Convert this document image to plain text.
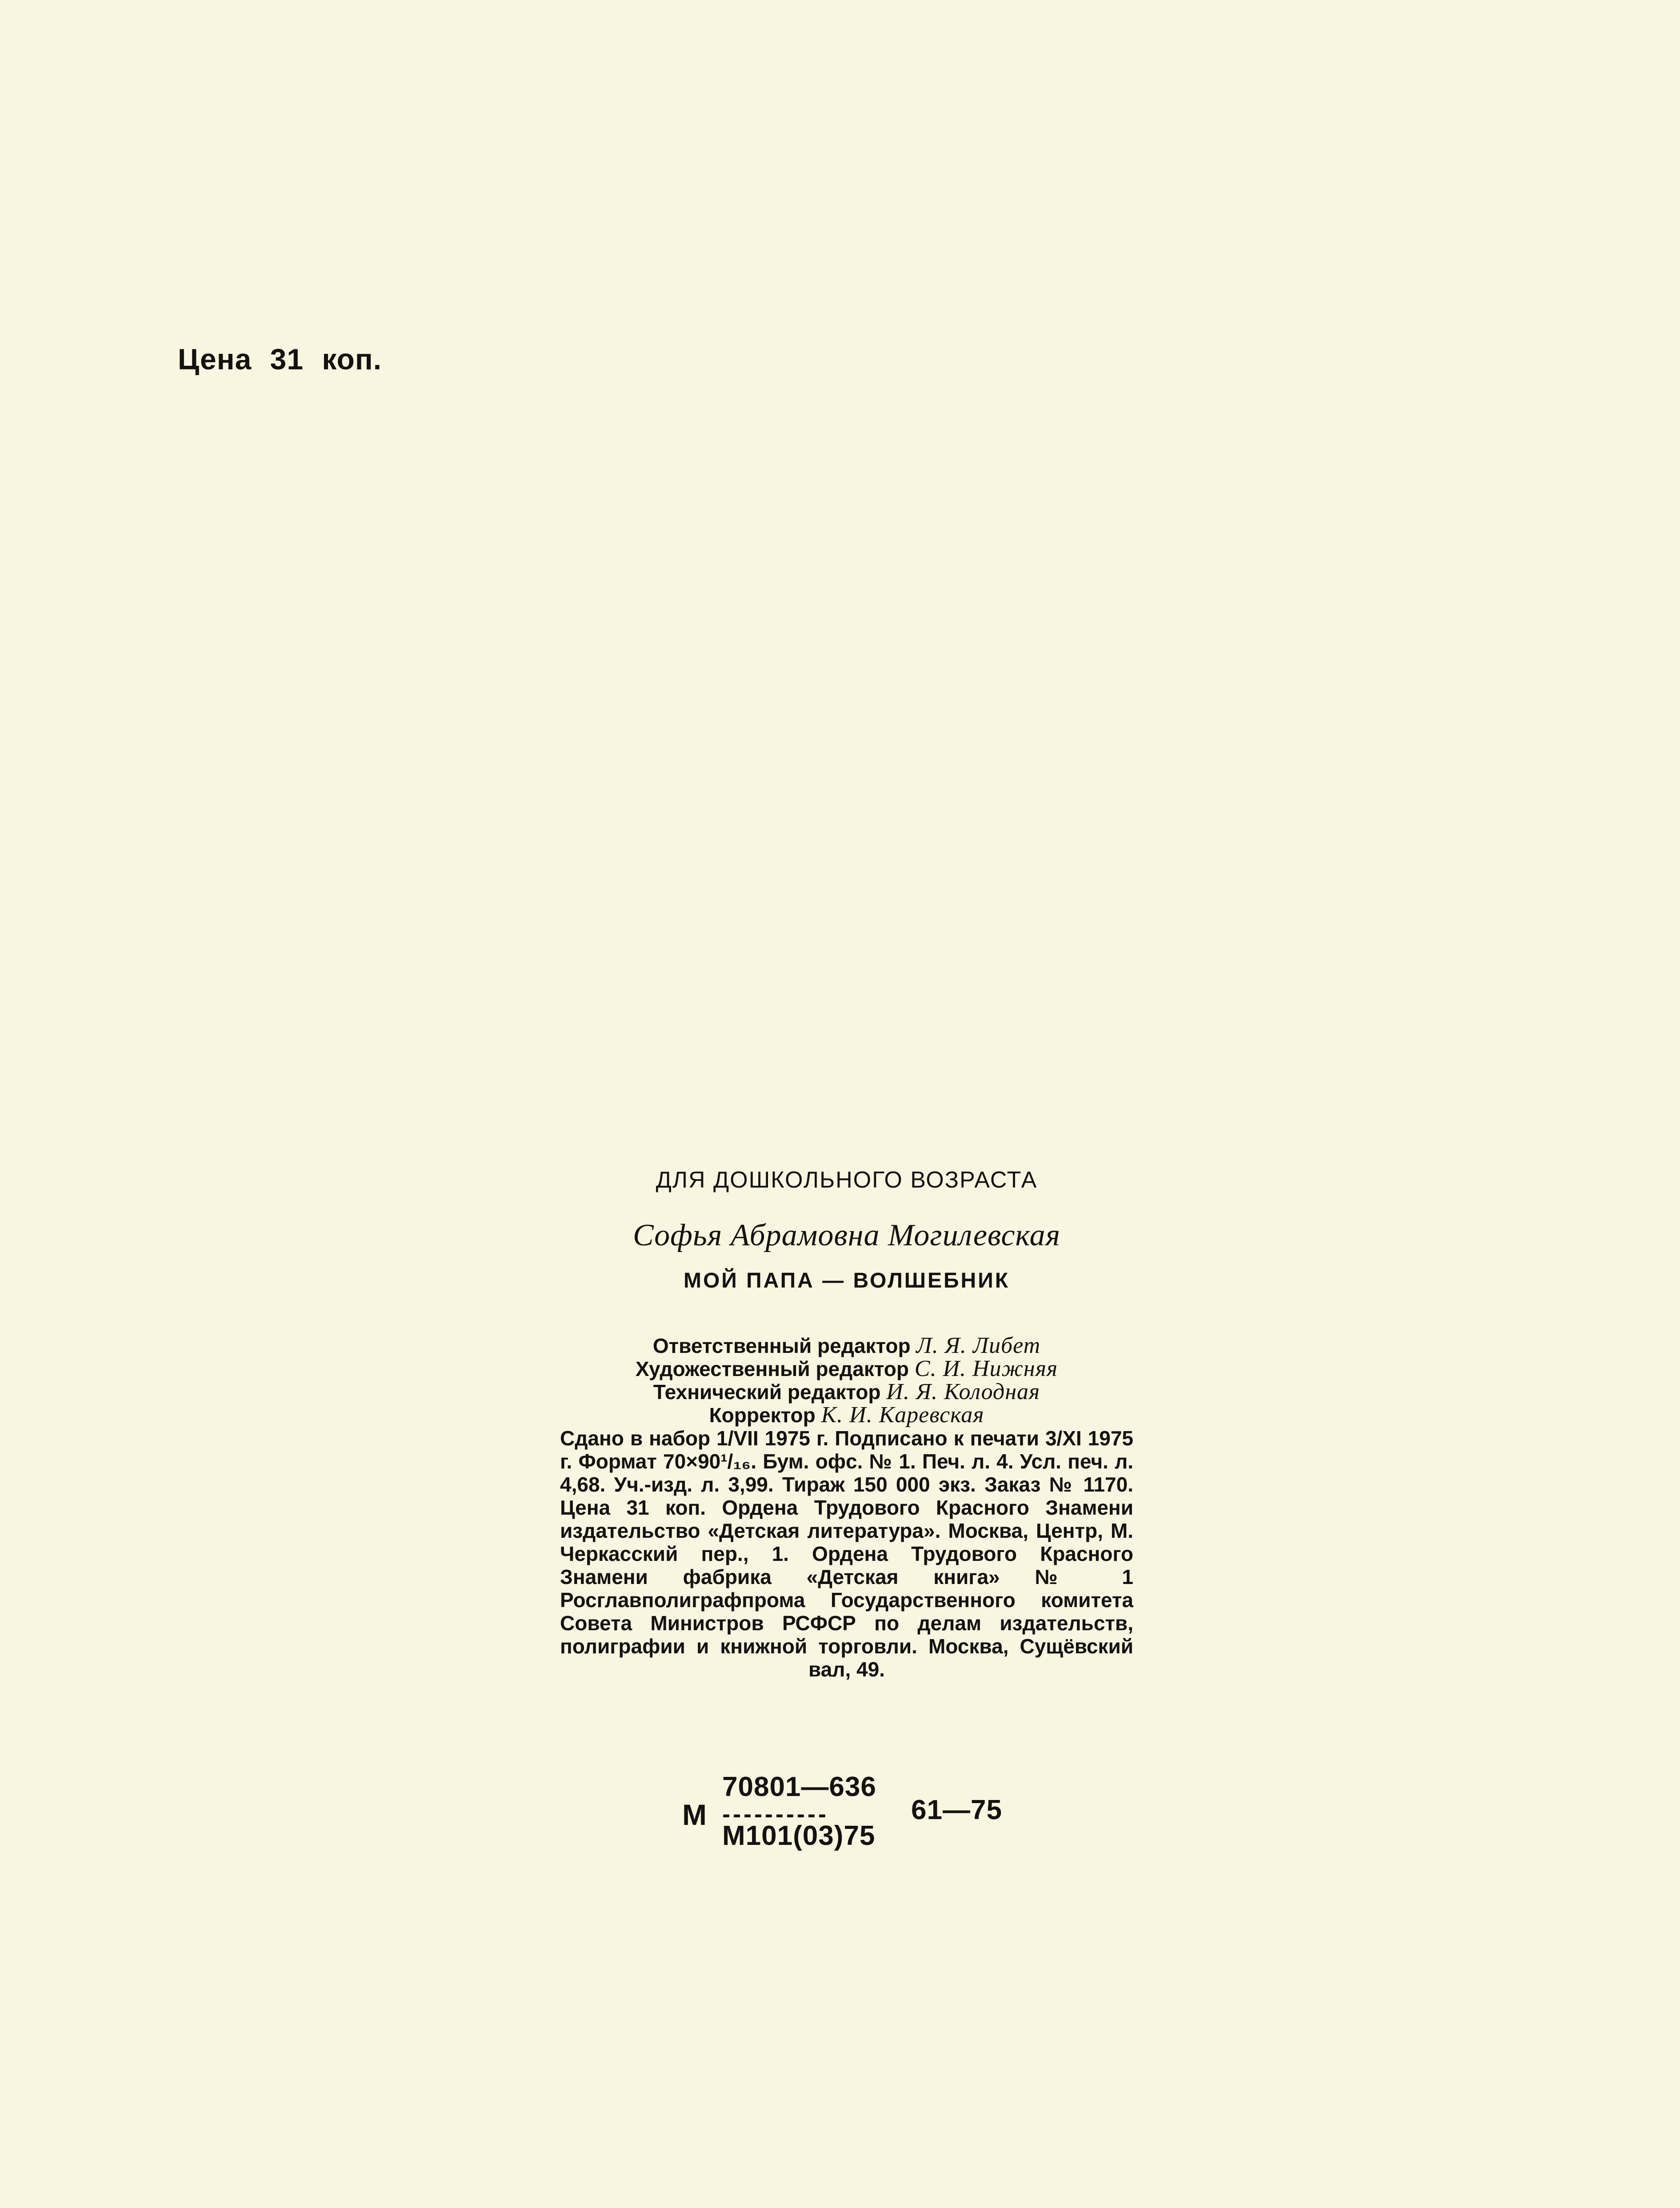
Цена 31 коп.
ДЛЯ ДОШКОЛЬНОГО ВОЗРАСТА
Софья Абрамовна Могилевская
МОЙ ПАПА — ВОЛШЕБНИК
Ответственный редактор Л. Я. Либет
Художественный редактор С. И. Нижняя
Технический редактор И. Я. Колодная
Корректор К. И. Каревская
Сдано в набор 1/VII 1975 г. Подписано к печати 3/XI 1975 г. Формат 70×90¹/₁₆. Бум. офс. № 1. Печ. л. 4. Усл. печ. л. 4,68. Уч.-изд. л. 3,99. Тираж 150 000 экз. Заказ № 1170. Цена 31 коп. Ордена Трудового Красного Знамени издательство «Детская литература». Москва, Центр, М. Черкасский пер., 1. Ордена Трудового Красного Знамени фабрика «Детская книга» № 1 Росглавполиграфпрома Государственного комитета Совета Министров РСФСР по делам издательств, полиграфии и книжной торговли. Москва, Сущёвский вал, 49.
М
70801—636
----------
М101(03)75
61—75
